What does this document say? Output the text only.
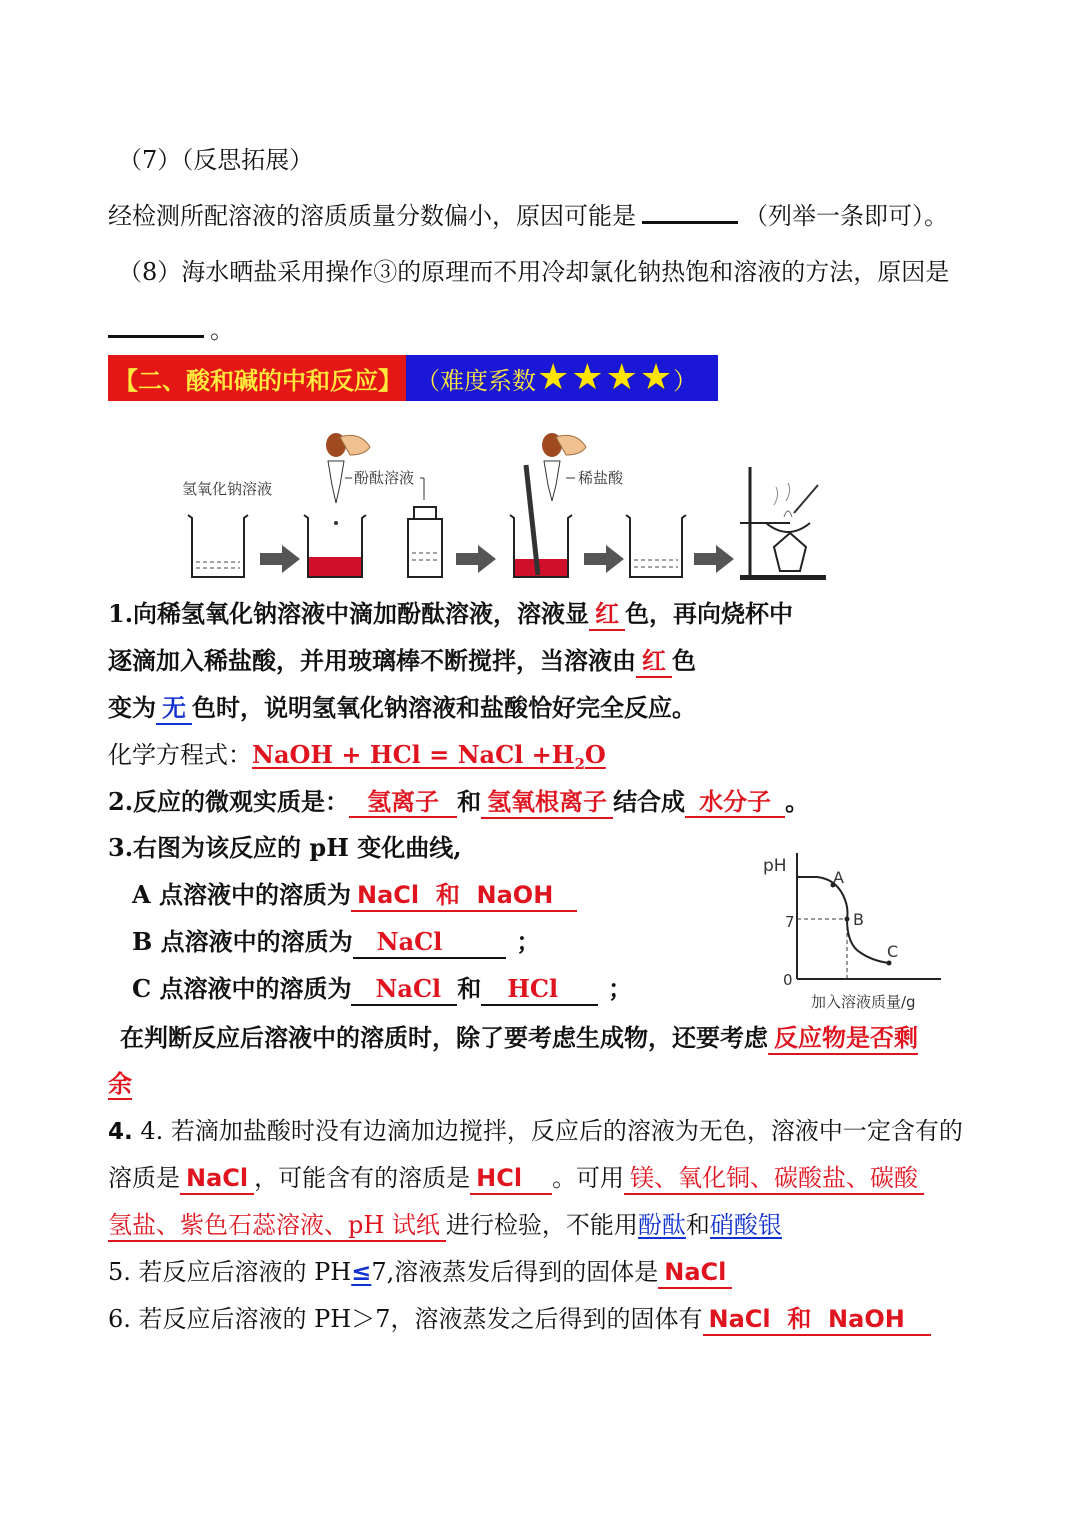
（7）（反思拓展）
经检测所配溶液的溶质质量分数偏小，原因可能是	（列举一条即可）。
（8）海水晒盐采用操作③的原理而不用冷却氯化钠热饱和溶液的方法，原因是
。
【二、酸和碱的中和反应】 （难度系数 ★★★★ ）
氢氧化钠溶液
酚酞溶液	稀盐酸
1.向稀氢氧化钠溶液中滴加酚酞溶液，溶液显 红 色，再向烧杯中
逐滴加入稀盐酸，并用玻璃棒不断搅拌，当溶液由 红 色
变为 无 色时，说明氢氧化钠溶液和盐酸恰好完全反应。
化学方程式：NaOH + HCl = NaCl $+H_2O$
2.反应的微观实质是： 氢离子 和 氢氧根离子 结合成 水分子 。
3.右图为该反应的 pH 变化曲线,
A 点溶液中的溶质为 NaCl  和  NaOH
B 点溶液中的溶质为 NaCl	；
C 点溶液中的溶质为 NaCl 和 HCl ；
在判断反应后溶液中的溶质时，除了要考虑生成物，还要考虑 反应物是否剩
余
pH
7
0
加入溶液质量/g
A
B
C
4. 4. 若滴加盐酸时没有边滴加边搅拌，反应后的溶液为无色，溶液中一定含有的
溶质是 NaCl ，可能含有的溶质是 HCl 。可用 镁、氧化铜、碳酸盐、碳酸
氢盐、紫色石蕊溶液、pH 试纸 进行检验，不能用酚酞和硝酸银
5. 若反应后溶液的 PH≤7,溶液蒸发后得到的固体是 NaCl
6. 若反应后溶液的 PH＞7，溶液蒸发之后得到的固体有 NaCl  和  NaOH
